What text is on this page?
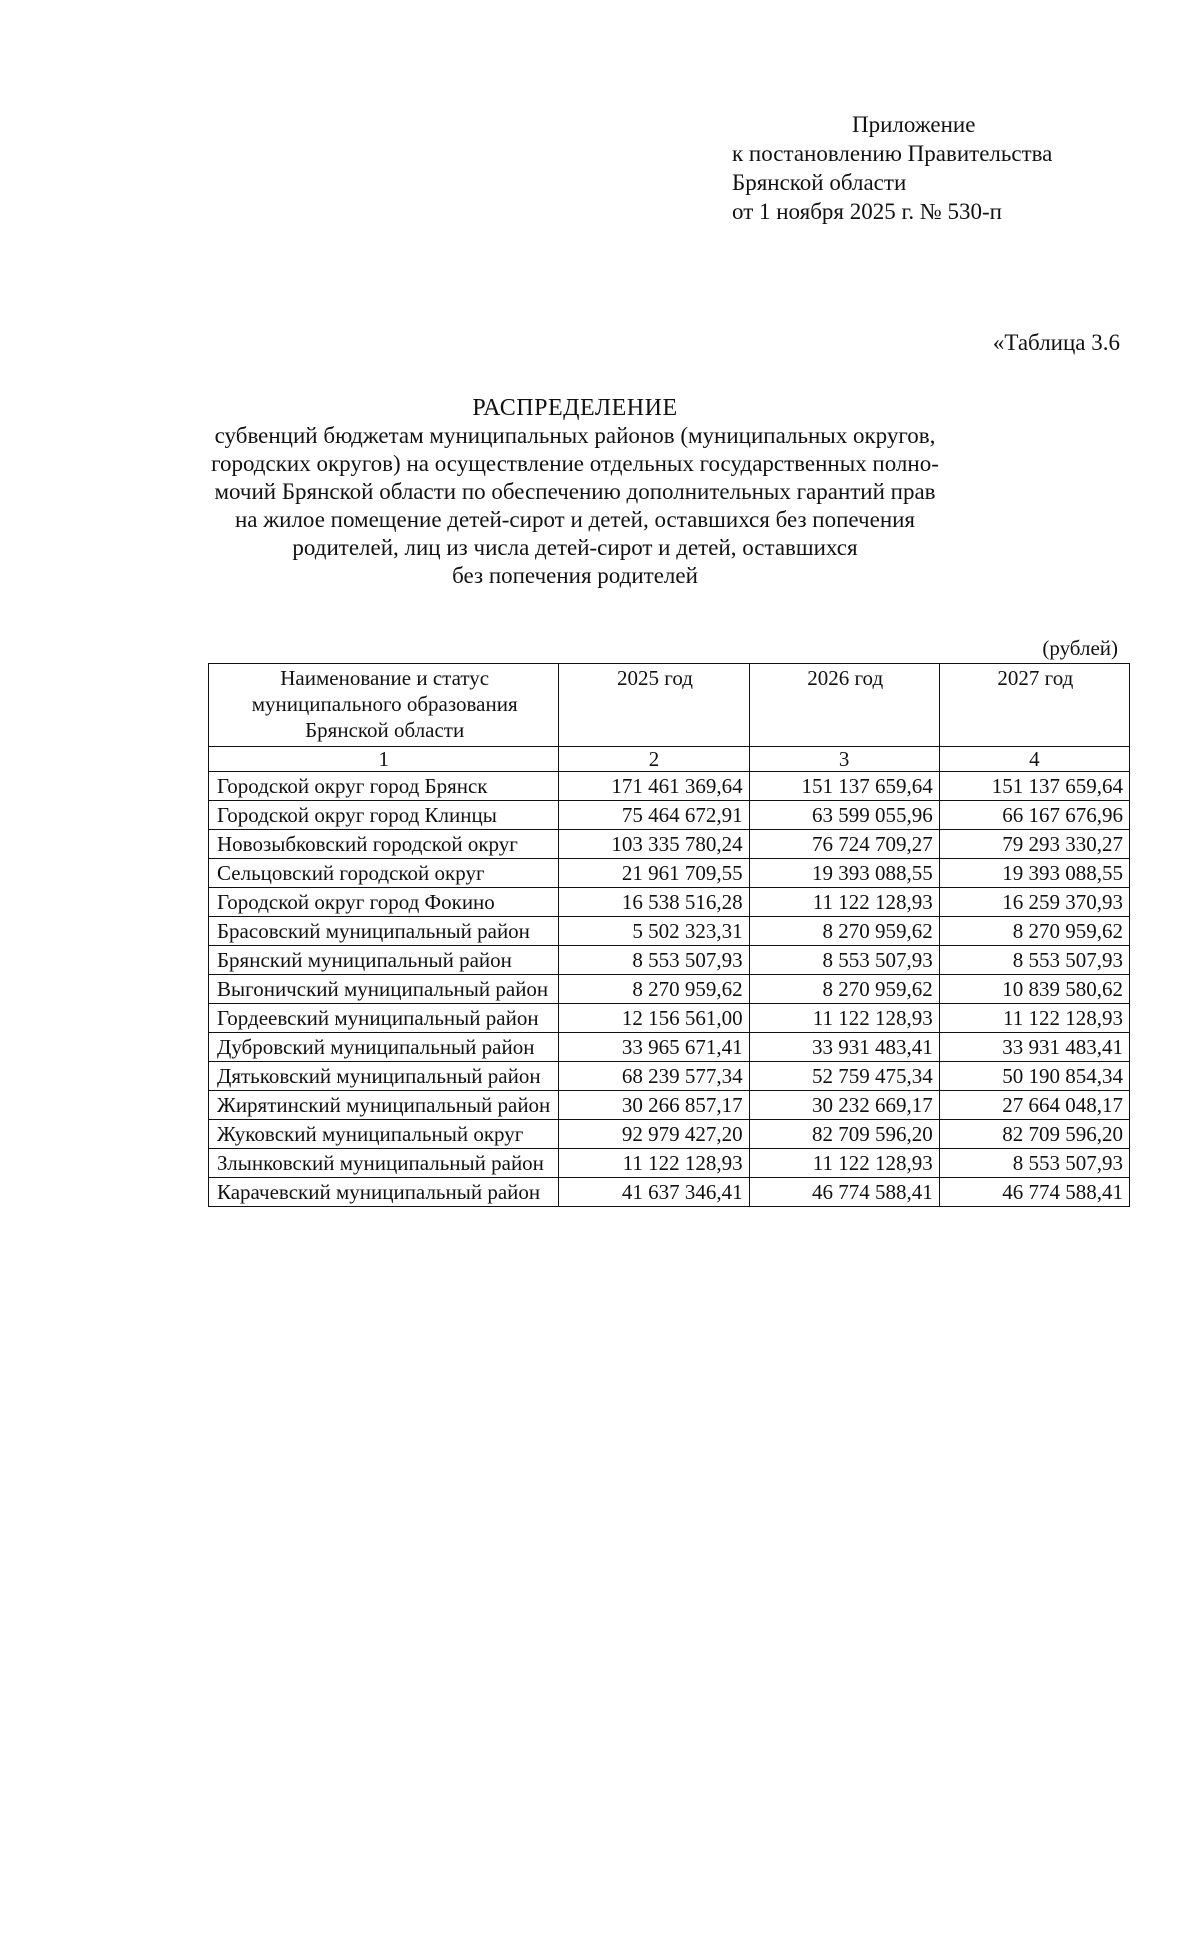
Приложение
к постановлению Правительства
Брянской области
от 1 ноября 2025 г. № 530-п
«Таблица 3.6
РАСПРЕДЕЛЕНИЕ
субвенций бюджетам муниципальных районов (муниципальных округов,
городских округов) на осуществление отдельных государственных полно-
мочий Брянской области по обеспечению дополнительных гарантий прав
на жилое помещение детей-сирот и детей, оставшихся без попечения
родителей, лиц из числа детей-сирот и детей, оставшихся
без попечения родителей
(рублей)
Наименование и статус муниципального образования Брянской области	2025 год	2026 год	2027 год
1	2	3	4
Городской округ город Брянск	171 461 369,64	151 137 659,64	151 137 659,64
Городской округ город Клинцы	75 464 672,91	63 599 055,96	66 167 676,96
Новозыбковский городской округ	103 335 780,24	76 724 709,27	79 293 330,27
Сельцовский городской округ	21 961 709,55	19 393 088,55	19 393 088,55
Городской округ город Фокино	16 538 516,28	11 122 128,93	16 259 370,93
Брасовский муниципальный район	5 502 323,31	8 270 959,62	8 270 959,62
Брянский муниципальный район	8 553 507,93	8 553 507,93	8 553 507,93
Выгоничский муниципальный район	8 270 959,62	8 270 959,62	10 839 580,62
Гордеевский муниципальный район	12 156 561,00	11 122 128,93	11 122 128,93
Дубровский муниципальный район	33 965 671,41	33 931 483,41	33 931 483,41
Дятьковский муниципальный район	68 239 577,34	52 759 475,34	50 190 854,34
Жирятинский муниципальный район	30 266 857,17	30 232 669,17	27 664 048,17
Жуковский муниципальный округ	92 979 427,20	82 709 596,20	82 709 596,20
Злынковский муниципальный район	11 122 128,93	11 122 128,93	8 553 507,93
Карачевский муниципальный район	41 637 346,41	46 774 588,41	46 774 588,41
